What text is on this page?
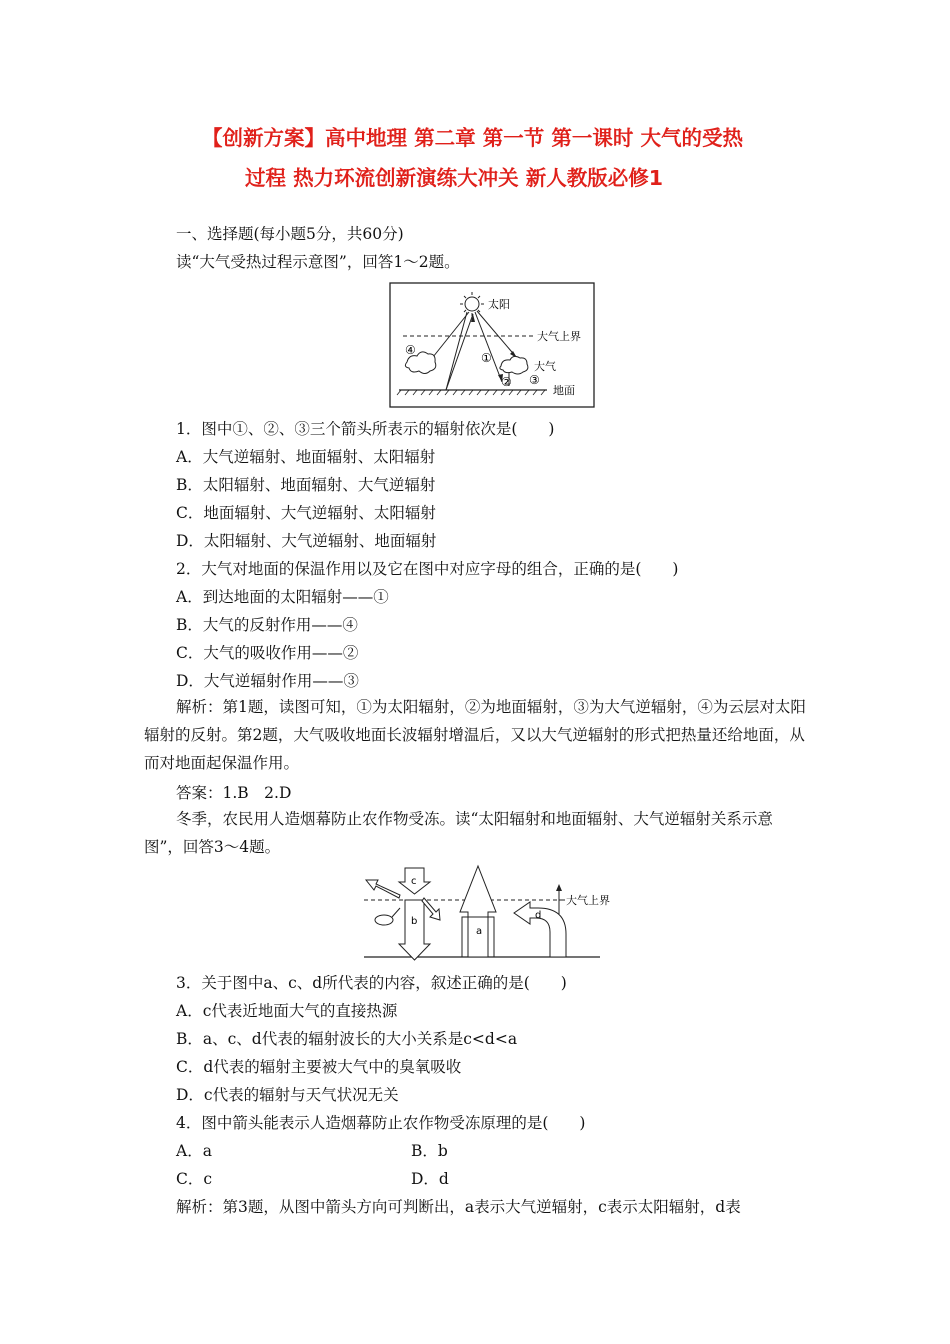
【创新方案】高中地理 第二章 第一节 第一课时 大气的受热
过程 热力环流创新演练大冲关 新人教版必修1
一、选择题(每小题5分，共60分)
读“大气受热过程示意图”，回答1～2题。
太阳
大气上界
大气
地面
④
①
② ③
1．图中①、②、③三个箭头所表示的辐射依次是(　　)
A．大气逆辐射、地面辐射、太阳辐射
B．太阳辐射、地面辐射、大气逆辐射
C．地面辐射、大气逆辐射、太阳辐射
D．太阳辐射、大气逆辐射、地面辐射
2．大气对地面的保温作用以及它在图中对应字母的组合，正确的是(　　)
A．到达地面的太阳辐射——①
B．大气的反射作用——④
C．大气的吸收作用——②
D．大气逆辐射作用——③
解析：第1题，读图可知，①为太阳辐射，②为地面辐射，③为大气逆辐射，④为云层对太阳辐射的反射。第2题，大气吸收地面长波辐射增温后，又以大气逆辐射的形式把热量还给地面，从而对地面起保温作用。
答案：1.B　2.D
冬季，农民用人造烟幕防止农作物受冻。读“太阳辐射和地面辐射、大气逆辐射关系示意图”，回答3～4题。
大气上界
c
b
a
d
3．关于图中a、c、d所代表的内容，叙述正确的是(　　)
A．c代表近地面大气的直接热源
B．a、c、d代表的辐射波长的大小关系是c<d<a
C．d代表的辐射主要被大气中的臭氧吸收
D．c代表的辐射与天气状况无关
4．图中箭头能表示人造烟幕防止农作物受冻原理的是(　　)
A．a	B．b
C．c	D．d
解析：第3题，从图中箭头方向可判断出，a表示大气逆辐射，c表示太阳辐射，d表
